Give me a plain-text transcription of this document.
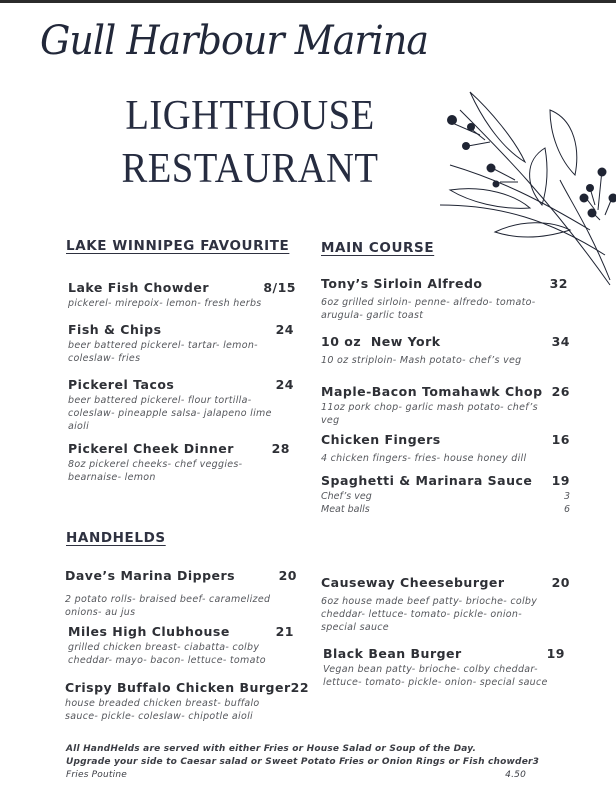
Gull Harbour Marina
LIGHTHOUSE
RESTAURANT
LAKE WINNIPEG FAVOURITE
Lake Fish Chowder	8/15
pickerel- mirepoix- lemon- fresh herbs
Fish & Chips	24
beer battered pickerel- tartar- lemon- coleslaw- fries
Pickerel Tacos	24
beer battered pickerel- flour tortilla- coleslaw- pineapple salsa- jalapeno lime aioli
Pickerel Cheek Dinner	28
8oz pickerel cheeks- chef veggies- bearnaise- lemon
MAIN COURSE
Tony’s Sirloin Alfredo	32
6oz grilled sirloin- penne- alfredo- tomato- arugula- garlic toast
10 oz  New York	34
10 oz striploin- Mash potato- chef’s veg
Maple-Bacon Tomahawk Chop 26
11oz pork chop- garlic mash potato- chef’s veg
Chicken Fingers	16
4 chicken fingers- fries- house honey dill
Spaghetti & Marinara Sauce 19
Chef’s veg	3
Meat balls	6
HANDHELDS
Dave’s Marina Dippers	20
2 potato rolls- braised beef- caramelized onions- au jus
Miles High Clubhouse	21
grilled chicken breast- ciabatta- colby cheddar- mayo- bacon- lettuce- tomato
Crispy Buffalo Chicken Burger 22
house breaded chicken breast- buffalo sauce- pickle- coleslaw- chipotle aioli
Causeway Cheeseburger	20
6oz house made beef patty- brioche- colby cheddar- lettuce- tomato- pickle- onion- special sauce
Black Bean Burger	19
Vegan bean patty- brioche- colby cheddar- lettuce- tomato- pickle- onion- special sauce
All HandHelds are served with either Fries or House Salad or Soup of the Day.
Upgrade your side to Caesar salad or Sweet Potato Fries or Onion Rings or Fish chowder 3
Fries Poutine	4.50
